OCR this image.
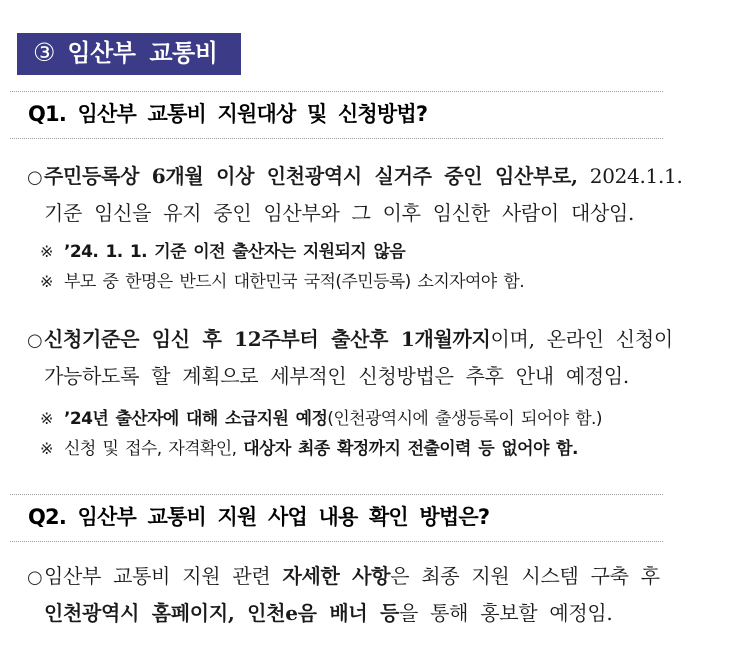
③ 임산부 교통비
Q1. 임산부 교통비 지원대상 및 신청방법?
○ 주민등록상 6개월 이상 인천광역시 실거주 중인 임산부로, 2024.1.1.
기준 임신을 유지 중인 임산부와 그 이후 임신한 사람이 대상임.
※ ’24. 1. 1. 기준 이전 출산자는 지원되지 않음
※ 부모 중 한명은 반드시 대한민국 국적(주민등록) 소지자여야 함.
○ 신청기준은 임신 후 12주부터 출산후 1개월까지이며, 온라인 신청이
가능하도록 할 계획으로 세부적인 신청방법은 추후 안내 예정임.
※ ’24년 출산자에 대해 소급지원 예정(인천광역시에 출생등록이 되어야 함.)
※ 신청 및 접수, 자격확인, 대상자 최종 확정까지 전출이력 등 없어야 함.
Q2. 임산부 교통비 지원 사업 내용 확인 방법은?
○ 임산부 교통비 지원 관련 자세한 사항은 최종 지원 시스템 구축 후
인천광역시 홈페이지, 인천e음 배너 등을 통해 홍보할 예정임.
